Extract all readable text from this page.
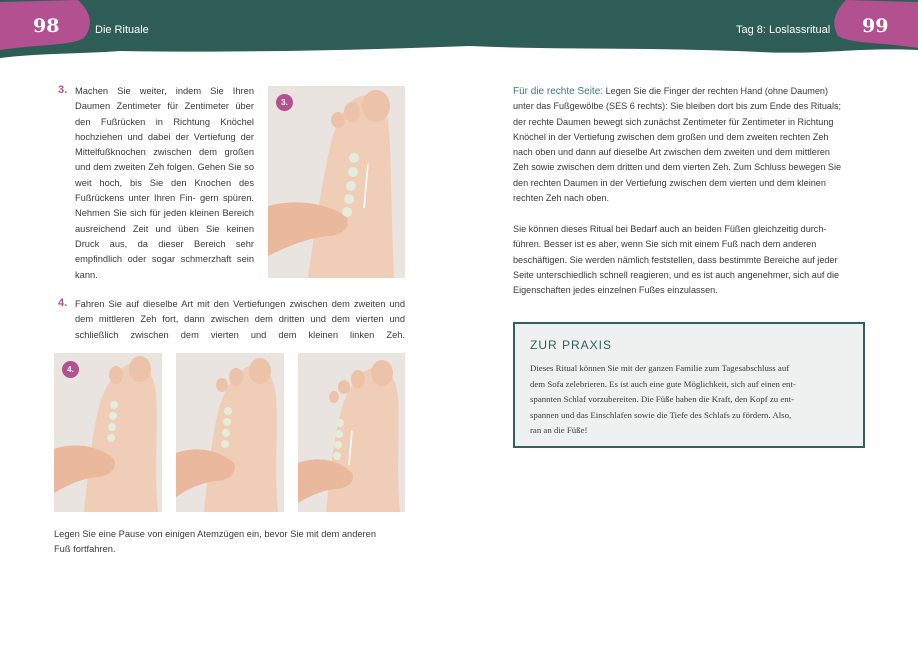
98	Die Rituale	Tag 8: Loslassritual 99
3. Machen Sie weiter, indem Sie Ihren Daumen Zentimeter für Zentimeter über den Fußrücken in Richtung Knöchel hochziehen und dabei der Vertiefung der Mittelfußknochen zwischen dem großen und dem zweiten Zeh folgen. Gehen Sie so weit hoch, bis Sie den Knochen des Fußrückens unter Ihren Fin- gern spüren. Nehmen Sie sich für jeden kleinen Bereich ausreichend Zeit und üben Sie keinen Druck aus, da dieser Bereich sehr empfindlich oder sogar schmerzhaft sein kann.
3.
4. Fahren Sie auf dieselbe Art mit den Vertiefungen zwischen dem zweiten und dem mittleren Zeh fort, dann zwischen dem dritten und dem vierten und schließlich zwischen dem vierten und dem kleinen linken Zeh.
4.
Legen Sie eine Pause von einigen Atemzügen ein, bevor Sie mit dem anderen
Fuß fortfahren.
Für die rechte Seite: Legen Sie die Finger der rechten Hand (ohne Daumen)
unter das Fußgewölbe (SES 6 rechts): Sie bleiben dort bis zum Ende des Rituals;
der rechte Daumen bewegt sich zunächst Zentimeter für Zentimeter in Richtung
Knöchel in der Vertiefung zwischen dem großen und dem zweiten rechten Zeh
nach oben und dann auf dieselbe Art zwischen dem zweiten und dem mittleren
Zeh sowie zwischen dem dritten und dem vierten Zeh. Zum Schluss bewegen Sie
den rechten Daumen in der Vertiefung zwischen dem vierten und dem kleinen
rechten Zeh nach oben.
Sie können dieses Ritual bei Bedarf auch an beiden Füßen gleichzeitig durch-
führen. Besser ist es aber, wenn Sie sich mit einem Fuß nach dem anderen
beschäftigen. Sie werden nämlich feststellen, dass bestimmte Bereiche auf jeder
Seite unterschiedlich schnell reagieren, und es ist auch angenehmer, sich auf die
Eigenschaften jedes einzelnen Fußes einzulassen.
ZUR PRAXIS
Dieses Ritual können Sie mit der ganzen Familie zum Tagesabschluss auf
dem Sofa zelebrieren. Es ist auch eine gute Möglichkeit, sich auf einen ent-
spannten Schlaf vorzubereiten. Die Füße haben die Kraft, den Kopf zu ent-
spannen und das Einschlafen sowie die Tiefe des Schlafs zu fördern. Also,
ran an die Füße!
